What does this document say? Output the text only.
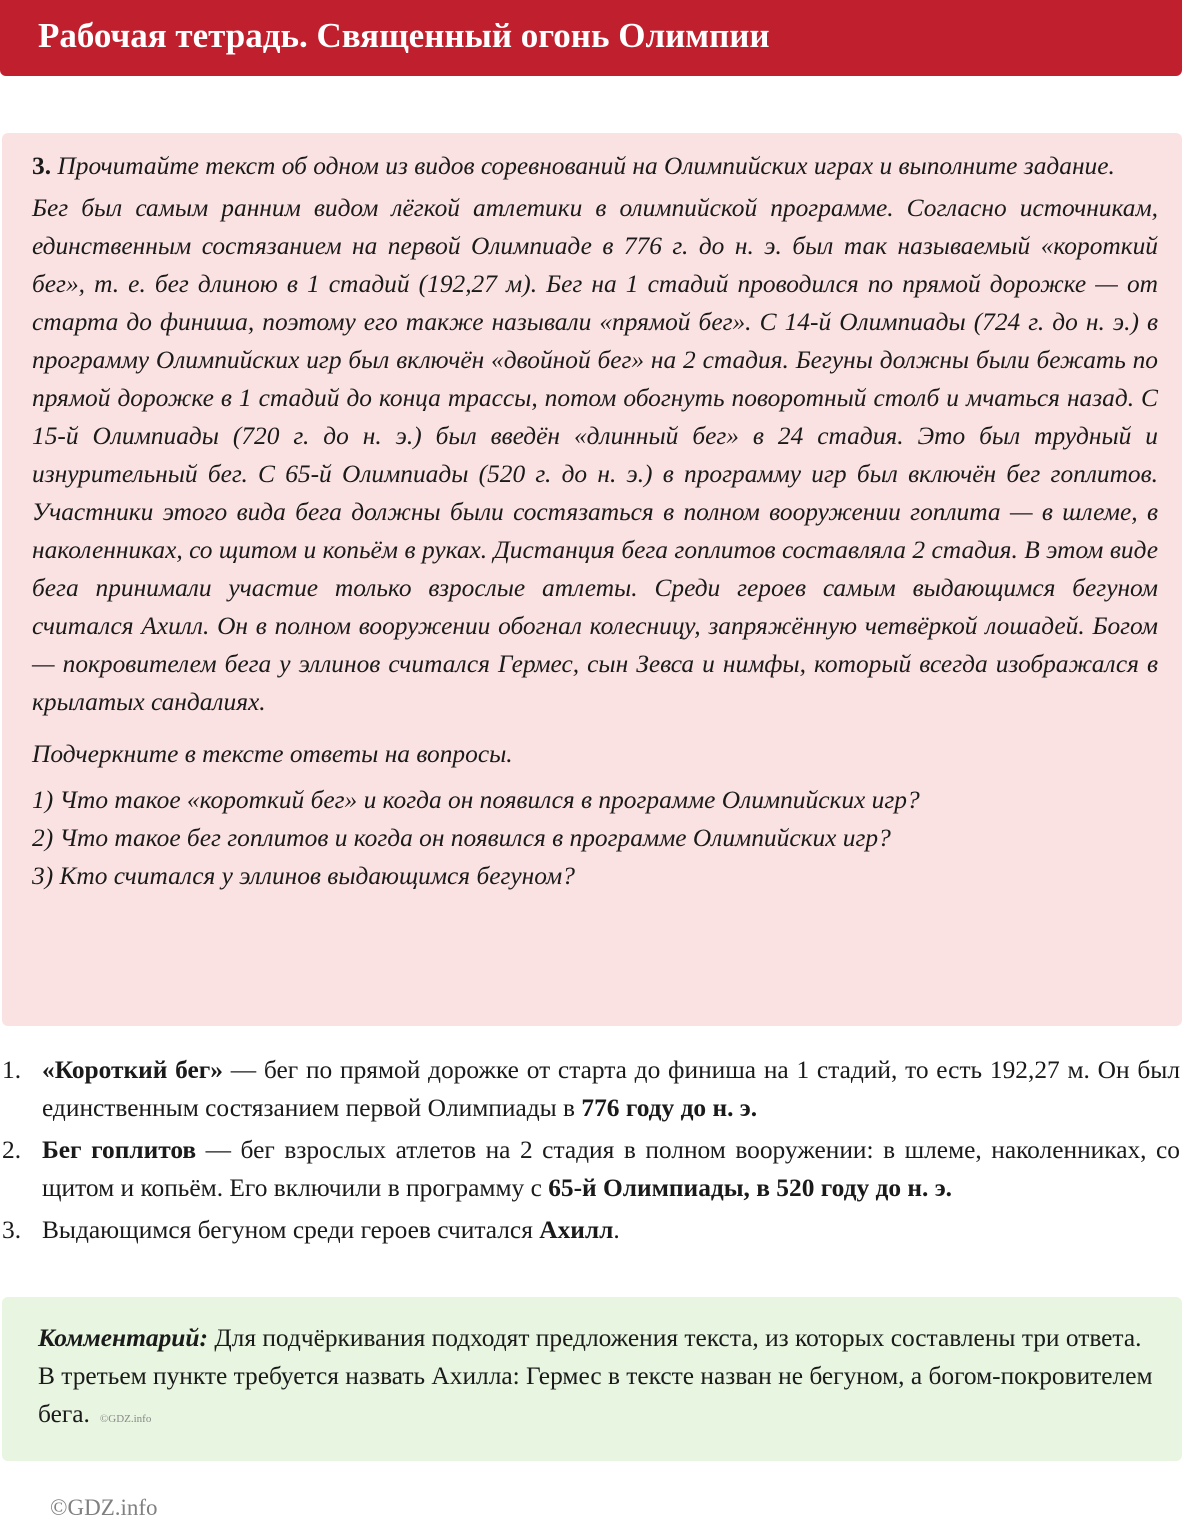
Рабочая тетрадь. Священный огонь Олимпии

3. Прочитайте текст об одном из видов соревнований на Олимпийских играх и выполните задание.

Бег был самым ранним видом лёгкой атлетики в олимпийской программе. Согласно источникам, единственным состязанием на первой Олимпиаде в 776 г. до н. э. был так называемый «короткий бег», т. е. бег длиною в 1 стадий (192,27 м). Бег на 1 стадий проводился по прямой дорожке — от старта до финиша, поэтому его также называли «прямой бег». С 14-й Олимпиады (724 г. до н. э.) в программу Олимпийских игр был включён «двойной бег» на 2 стадия. Бегуны должны были бежать по прямой дорожке в 1 стадий до конца трассы, потом обогнуть поворотный столб и мчаться назад. С 15-й Олимпиады (720 г. до н. э.) был введён «длинный бег» в 24 стадия. Это был трудный и изнурительный бег. С 65-й Олимпиады (520 г. до н. э.) в программу игр был включён бег гоплитов. Участники этого вида бега должны были состязаться в полном вооружении гоплита — в шлеме, в наколенниках, со щитом и копьём в руках. Дистанция бега гоплитов составляла 2 стадия. В этом виде бега принимали участие только взрослые атлеты. Среди героев самым выдающимся бегуном считался Ахилл. Он в полном вооружении обогнал колесницу, запряжённую четвёркой лошадей. Богом — покровителем бега у эллинов считался Гермес, сын Зевса и нимфы, который всегда изображался в крылатых сандалиях.

Подчеркните в тексте ответы на вопросы.

1) Что такое «короткий бег» и когда он появился в программе Олимпийских игр?
2) Что такое бег гоплитов и когда он появился в программе Олимпийских игр?
3) Кто считался у эллинов выдающимся бегуном?

1. «Короткий бег» — бег по прямой дорожке от старта до финиша на 1 стадий, то есть 192,27 м. Он был единственным состязанием первой Олимпиады в 776 году до н. э.

2. Бег гоплитов — бег взрослых атлетов на 2 стадия в полном вооружении: в шлеме, наколенниках, со щитом и копьём. Его включили в программу с 65-й Олимпиады, в 520 году до н. э.

3. Выдающимся бегуном среди героев считался Ахилл.

Комментарий: Для подчёркивания подходят предложения текста, из которых составлены три ответа. В третьем пункте требуется назвать Ахилла: Гермес в тексте назван не бегуном, а богом-покровителем бега. ©GDZ.info
©GDZ.info
